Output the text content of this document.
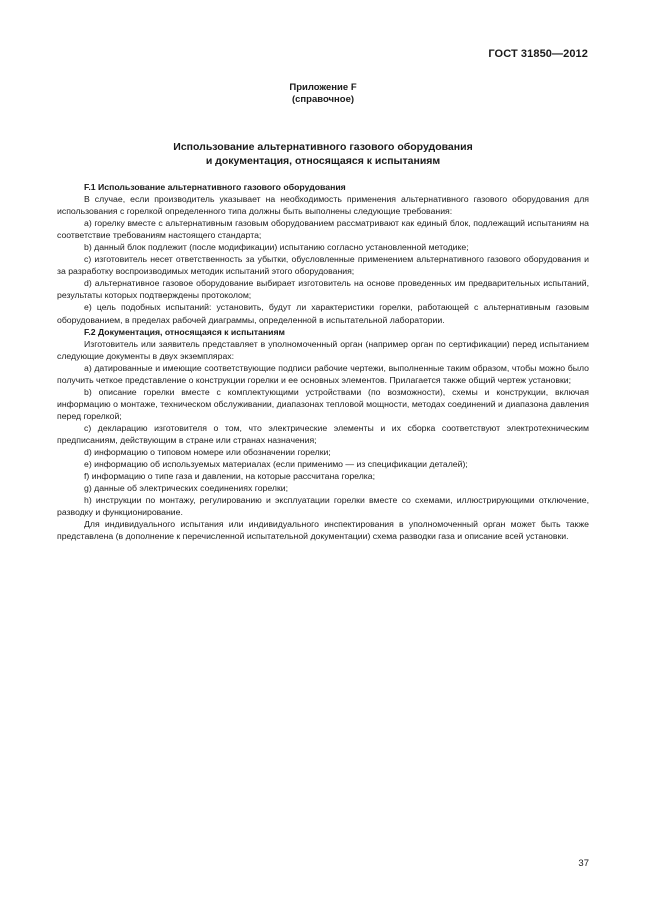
ГОСТ 31850—2012
Приложение F
(справочное)
Использование альтернативного газового оборудования
и документация, относящаяся к испытаниям

F.1 Использование альтернативного газового оборудования

В случае, если производитель указывает на необходимость применения альтернативного газового оборудования для использования с горелкой определенного типа должны быть выполнены следующие требования:

a) горелку вместе с альтернативным газовым оборудованием рассматривают как единый блок, подлежащий испытаниям на соответствие требованиям настоящего стандарта;

b) данный блок подлежит (после модификации) испытанию согласно установленной методике;

c) изготовитель несет ответственность за убытки, обусловленные применением альтернативного газового оборудования и за разработку воспроизводимых методик испытаний этого оборудования;

d) альтернативное газовое оборудование выбирает изготовитель на основе проведенных им предварительных испытаний, результаты которых подтверждены протоколом;

e) цель подобных испытаний: установить, будут ли характеристики горелки, работающей с альтернативным газовым оборудованием, в пределах рабочей диаграммы, определенной в испытательной лаборатории.

F.2 Документация, относящаяся к испытаниям

Изготовитель или заявитель представляет в уполномоченный орган (например орган по сертификации) перед испытанием следующие документы в двух экземплярах:

a) датированные и имеющие соответствующие подписи рабочие чертежи, выполненные таким образом, чтобы можно было получить четкое представление о конструкции горелки и ее основных элементов. Прилагается также общий чертеж установки;

b) описание горелки вместе с комплектующими устройствами (по возможности), схемы и конструкции, включая информацию о монтаже, техническом обслуживании, диапазонах тепловой мощности, методах соединений и диапазона давления перед горелкой;

c) декларацию изготовителя о том, что электрические элементы и их сборка соответствуют электротехническим предписаниям, действующим в стране или странах назначения;

d) информацию о типовом номере или обозначении горелки;

e) информацию об используемых материалах (если применимо — из спецификации деталей);

f) информацию о типе газа и давлении, на которые рассчитана горелка;

g) данные об электрических соединениях горелки;

h) инструкции по монтажу, регулированию и эксплуатации горелки вместе со схемами, иллюстрирующими отключение, разводку и функционирование.

Для индивидуального испытания или индивидуального инспектирования в уполномоченный орган может быть также представлена (в дополнение к перечисленной испытательной документации) схема разводки газа и описание всей установки.

37
